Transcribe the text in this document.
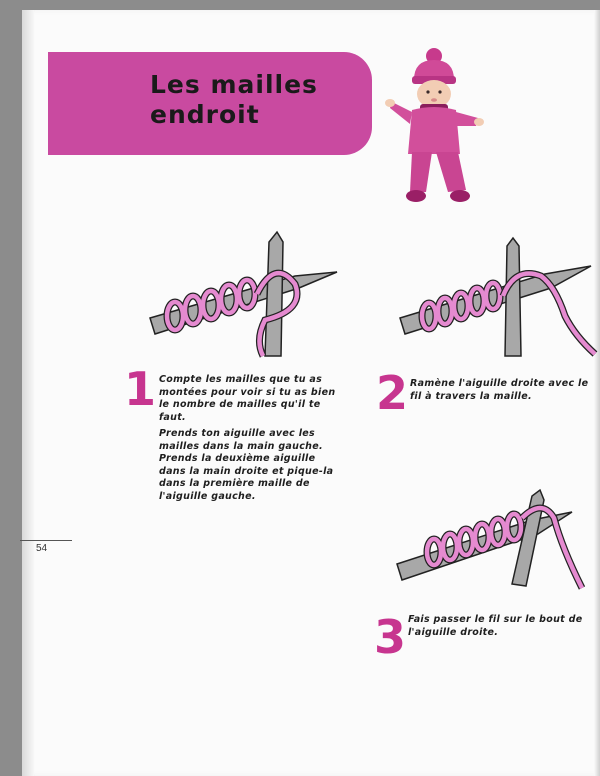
Les mailles
endroit
1 Compte les mailles que tu as montées pour voir si tu as bien le nombre de mailles qu'il te faut.

Prends ton aiguille avec les mailles dans la main gauche. Prends la deuxième aiguille dans la main droite et pique-la dans la première maille de l'aiguille gauche.

2 Ramène l'aiguille droite avec le fil à travers la maille.

3 Fais passer le fil sur le bout de l'aiguille droite.

54
